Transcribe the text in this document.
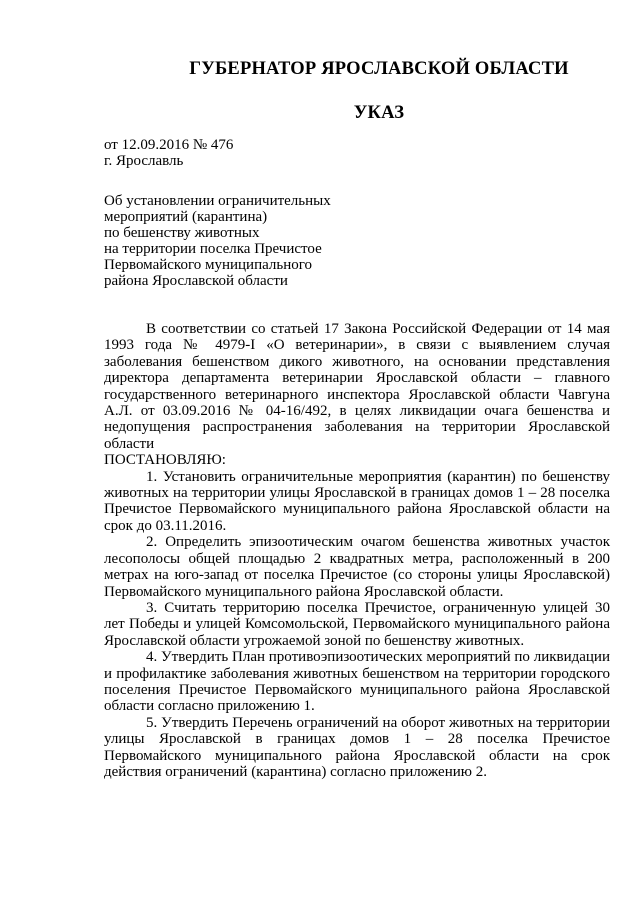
ГУБЕРНАТОР ЯРОСЛАВСКОЙ ОБЛАСТИ
УКАЗ
от 12.09.2016 № 476
г. Ярославль
Об установлении ограничительных
мероприятий (карантина)
по бешенству животных
на территории поселка Пречистое
Первомайского муниципального
района Ярославской области

В соответствии со статьей 17 Закона Российской Федерации от 14 мая 1993 года № 4979-I «О ветеринарии», в связи с выявлением случая заболевания бешенством дикого животного, на основании представления директора департамента ветеринарии Ярославской области – главного государственного ветеринарного инспектора Ярославской области Чавгуна А.Л. от 03.09.2016 № 04-16/492, в целях ликвидации очага бешенства и недопущения распространения заболевания на территории Ярославской области

ПОСТАНОВЛЯЮ:

1. Установить ограничительные мероприятия (карантин) по бешенству животных на территории улицы Ярославской в границах домов 1 – 28 поселка Пречистое Первомайского муниципального района Ярославской области на срок до 03.11.2016.

2. Определить эпизоотическим очагом бешенства животных участок лесополосы общей площадью 2 квадратных метра, расположенный в 200 метрах на юго-запад от поселка Пречистое (со стороны улицы Ярославской) Первомайского муниципального района Ярославской области.

3. Считать территорию поселка Пречистое, ограниченную улицей 30 лет Победы и улицей Комсомольской, Первомайского муниципального района Ярославской области угрожаемой зоной по бешенству животных.

4. Утвердить План противоэпизоотических мероприятий по ликвидации и профилактике заболевания животных бешенством на территории городского поселения Пречистое Первомайского муниципального района Ярославской области согласно приложению 1.

5. Утвердить Перечень ограничений на оборот животных на территории улицы Ярославской в границах домов 1 – 28 поселка Пречистое Первомайского муниципального района Ярославской области на срок действия ограничений (карантина) согласно приложению 2.
